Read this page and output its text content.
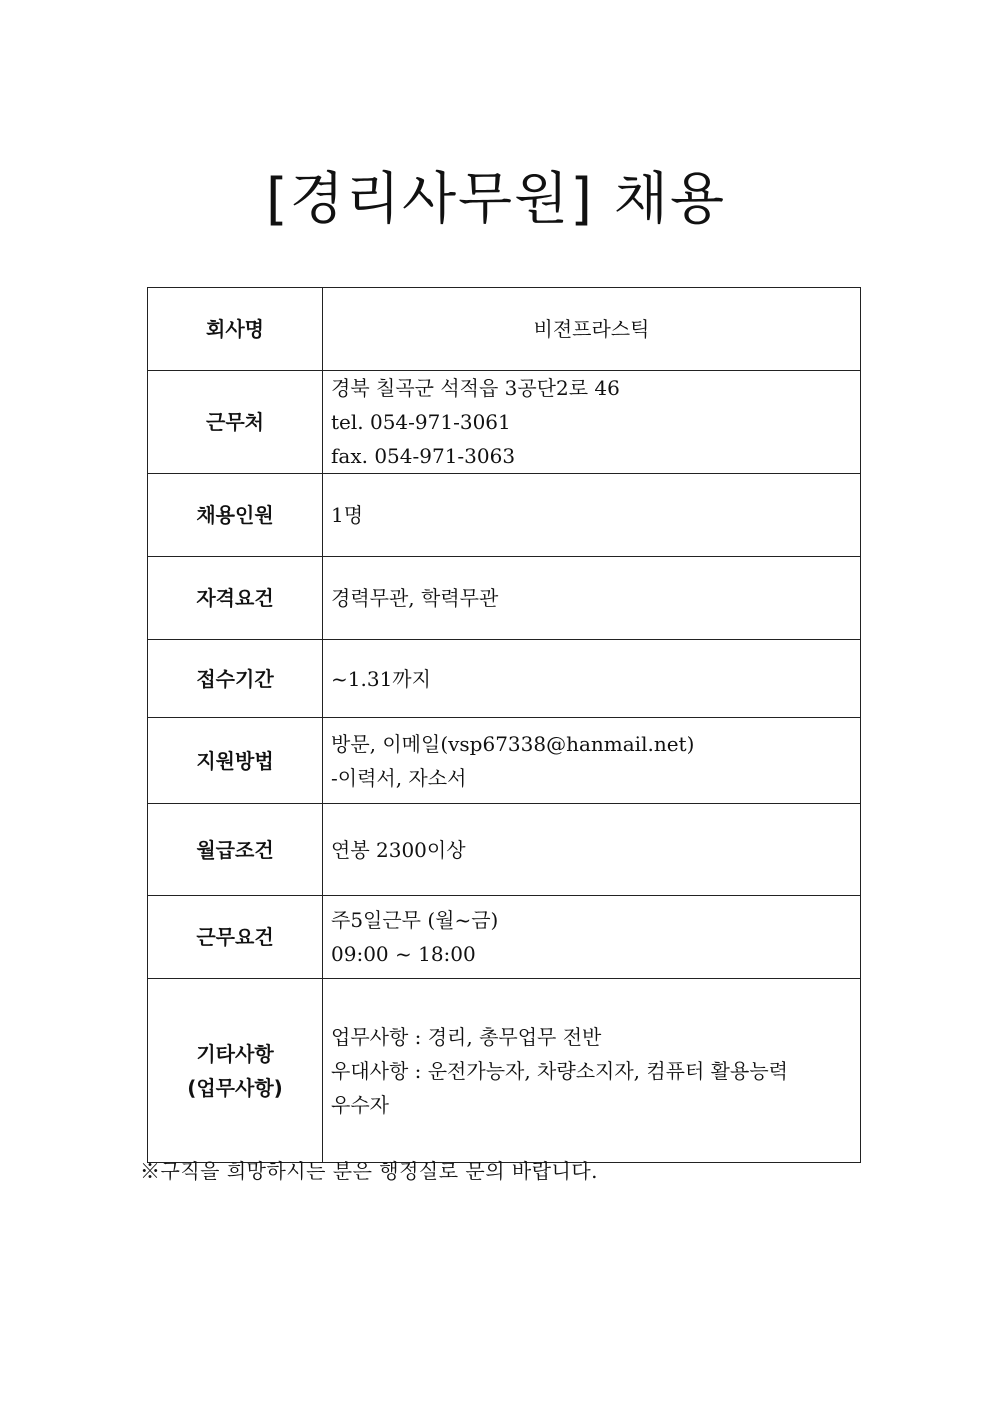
[경리사무원] 채용
회사명	비젼프라스틱

근무처	경북 칠곡군 석적읍 3공단2로 46
tel. 054-971-3061
fax. 054-971-3063

채용인원	1명

자격요건	경력무관, 학력무관

접수기간	~1.31까지

지원방법	방문, 이메일(vsp67338@hanmail.net)
-이력서, 자소서

월급조건	연봉 2300이상

근무요건	주5일근무 (월~금)
09:00 ~ 18:00

기타사항
(업무사항)	업무사항 : 경리, 총무업무 전반
우대사항 : 운전가능자, 차량소지자, 컴퓨터 활용능력
우수자
※구직을 희망하시는 분은 행정실로 문의 바랍니다.
